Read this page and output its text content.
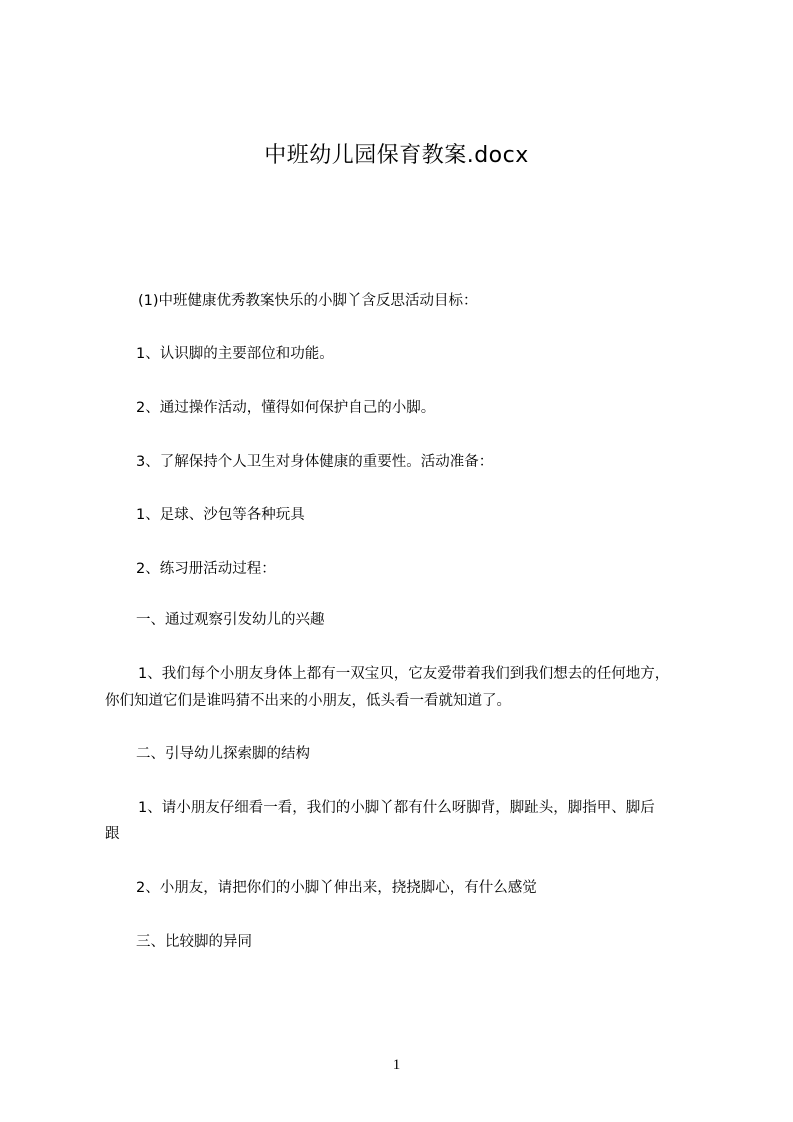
中班幼儿园保育教案.docx
(1)中班健康优秀教案快乐的小脚丫含反思活动目标：
1、认识脚的主要部位和功能。
2、通过操作活动，懂得如何保护自己的小脚。
3、了解保持个人卫生对身体健康的重要性。活动准备：
1、足球、沙包等各种玩具
2、练习册活动过程：
一、通过观察引发幼儿的兴趣
1、我们每个小朋友身体上都有一双宝贝，它友爱带着我们到我们想去的任何地方，
你们知道它们是谁吗猜不出来的小朋友，低头看一看就知道了。
二、引导幼儿探索脚的结构
1、请小朋友仔细看一看，我们的小脚丫都有什么呀脚背，脚趾头，脚指甲、脚后
跟
2、小朋友，请把你们的小脚丫伸出来，挠挠脚心，有什么感觉
三、比较脚的异同
1
